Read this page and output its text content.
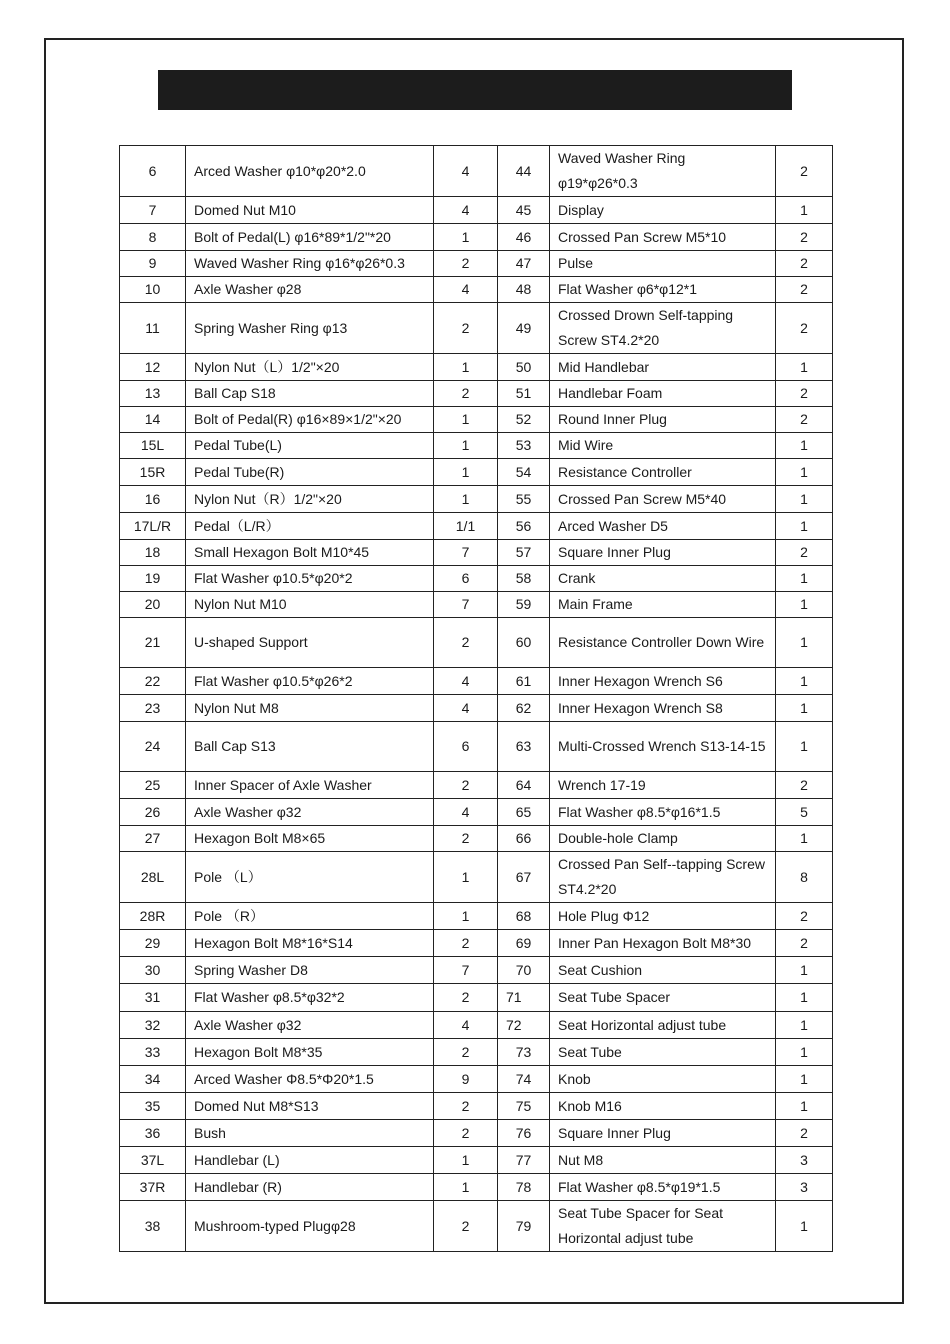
6	Arced Washer φ10*φ20*2.0	4	44	Waved Washer Ring φ19*φ26*0.3	2
7	Domed Nut M10	4	45	Display	1
8	Bolt of Pedal(L) φ16*89*1/2"*20	1	46	Crossed Pan Screw M5*10	2
9	Waved Washer Ring φ16*φ26*0.3	2	47	Pulse	2
10	Axle Washer φ28	4	48	Flat Washer φ6*φ12*1	2
11	Spring Washer Ring φ13	2	49	Crossed Drown Self-tapping Screw ST4.2*20	2
12	Nylon Nut（L）1/2"×20	1	50	Mid Handlebar	1
13	Ball Cap S18	2	51	Handlebar Foam	2
14	Bolt of Pedal(R) φ16×89×1/2"×20	1	52	Round Inner Plug	2
15L	Pedal Tube(L)	1	53	Mid Wire	1
15R	Pedal Tube(R)	1	54	Resistance Controller	1
16	Nylon Nut（R）1/2"×20	1	55	Crossed Pan Screw M5*40	1
17L/R	Pedal（L/R）	1/1	56	Arced Washer D5	1
18	Small Hexagon Bolt M10*45	7	57	Square Inner Plug	2
19	Flat Washer φ10.5*φ20*2	6	58	Crank	1
20	Nylon Nut M10	7	59	Main Frame	1
21	U-shaped Support	2	60	Resistance Controller Down Wire	1
22	Flat Washer φ10.5*φ26*2	4	61	Inner Hexagon Wrench S6	1
23	Nylon Nut M8	4	62	Inner Hexagon Wrench S8	1
24	Ball Cap S13	6	63	Multi-Crossed Wrench S13-14-15	1
25	Inner Spacer of Axle Washer	2	64	Wrench 17-19	2
26	Axle Washer φ32	4	65	Flat Washer φ8.5*φ16*1.5	5
27	Hexagon Bolt M8×65	2	66	Double-hole Clamp	1
28L	Pole （L）	1	67	Crossed Pan Self--tapping Screw ST4.2*20	8
28R	Pole （R）	1	68	Hole Plug Φ12	2
29	Hexagon Bolt M8*16*S14	2	69	Inner Pan Hexagon Bolt M8*30	2
30	Spring Washer D8	7	70	Seat Cushion	1
31	Flat Washer φ8.5*φ32*2	2	71	Seat Tube Spacer	1
32	Axle Washer φ32	4	72	Seat Horizontal adjust tube	1
33	Hexagon Bolt M8*35	2	73	Seat Tube	1
34	Arced Washer Φ8.5*Φ20*1.5	9	74	Knob	1
35	Domed Nut M8*S13	2	75	Knob M16	1
36	Bush	2	76	Square Inner Plug	2
37L	Handlebar (L)	1	77	Nut M8	3
37R	Handlebar (R)	1	78	Flat Washer φ8.5*φ19*1.5	3
38	Mushroom-typed Plugφ28	2	79	Seat Tube Spacer for Seat Horizontal adjust tube	1
